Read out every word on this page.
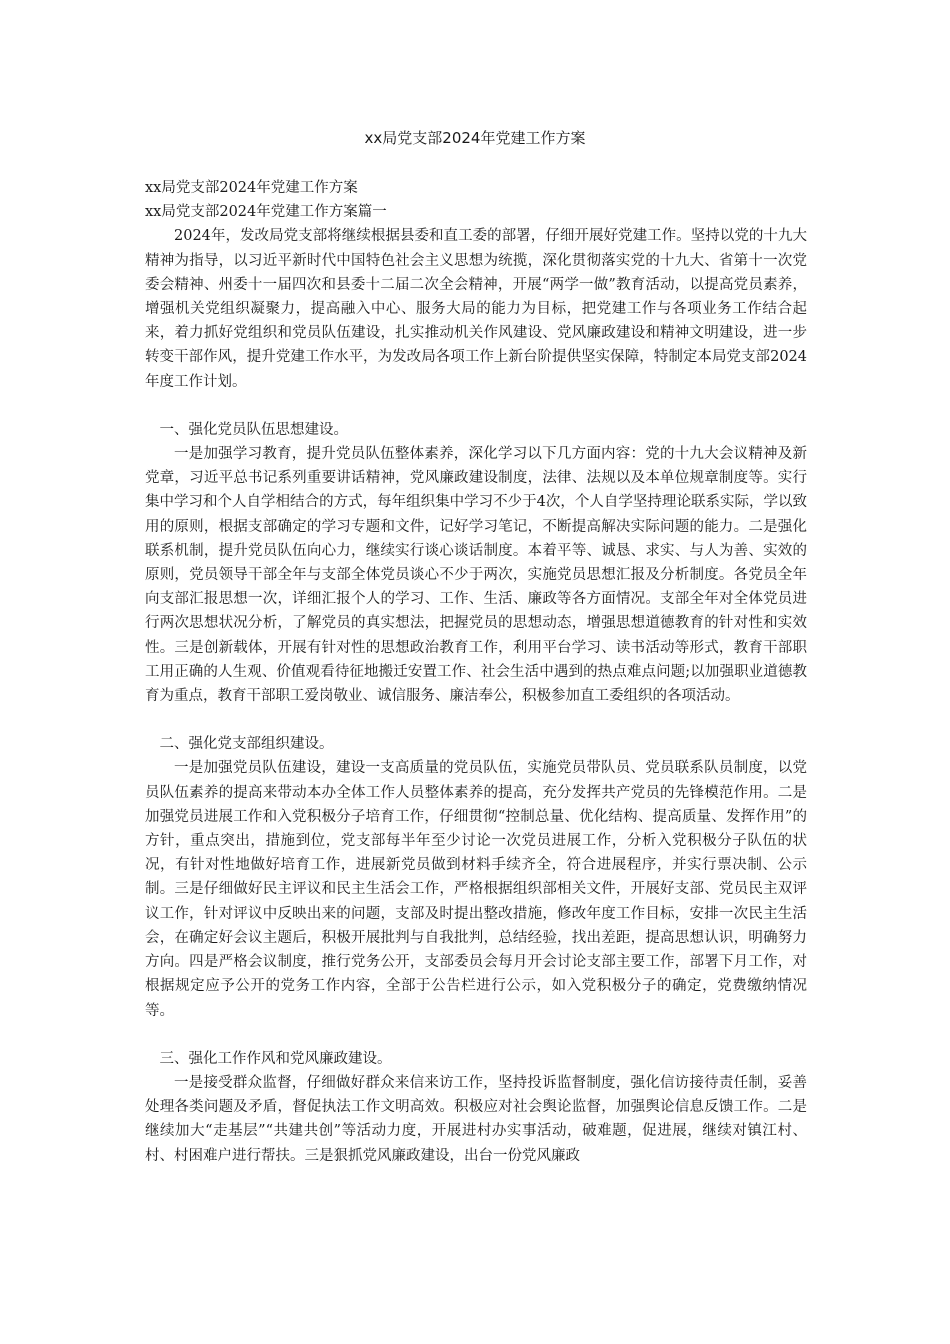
xx局党支部2024年党建工作方案

xx局党支部2024年党建工作方案

xx局党支部2024年党建工作方案篇一

2024年，发改局党支部将继续根据县委和直工委的部署，仔细开展好党建工作。坚持以党的十九大精神为指导，以习近平新时代中国特色社会主义思想为统揽，深化贯彻落实党的十九大、省第十一次党委会精神、州委十一届四次和县委十二届二次全会精神，开展“两学一做”教育活动，以提高党员素养，增强机关党组织凝聚力，提高融入中心、服务大局的能力为目标，把党建工作与各项业务工作结合起来，着力抓好党组织和党员队伍建设，扎实推动机关作风建设、党风廉政建设和精神文明建设，进一步转变干部作风，提升党建工作水平，为发改局各项工作上新台阶提供坚实保障，特制定本局党支部2024年度工作计划。

一、强化党员队伍思想建设。

一是加强学习教育，提升党员队伍整体素养，深化学习以下几方面内容：党的十九大会议精神及新党章，习近平总书记系列重要讲话精神，党风廉政建设制度，法律、法规以及本单位规章制度等。实行集中学习和个人自学相结合的方式，每年组织集中学习不少于4次，个人自学坚持理论联系实际，学以致用的原则，根据支部确定的学习专题和文件，记好学习笔记，不断提高解决实际问题的能力。二是强化联系机制，提升党员队伍向心力，继续实行谈心谈话制度。本着平等、诚恳、求实、与人为善、实效的原则，党员领导干部全年与支部全体党员谈心不少于两次，实施党员思想汇报及分析制度。各党员全年向支部汇报思想一次，详细汇报个人的学习、工作、生活、廉政等各方面情况。支部全年对全体党员进行两次思想状况分析，了解党员的真实想法，把握党员的思想动态，增强思想道德教育的针对性和实效性。三是创新载体，开展有针对性的思想政治教育工作，利用平台学习、读书活动等形式，教育干部职工用正确的人生观、价值观看待征地搬迁安置工作、社会生活中遇到的热点难点问题;以加强职业道德教育为重点，教育干部职工爱岗敬业、诚信服务、廉洁奉公，积极参加直工委组织的各项活动。

二、强化党支部组织建设。

一是加强党员队伍建设，建设一支高质量的党员队伍，实施党员带队员、党员联系队员制度，以党员队伍素养的提高来带动本办全体工作人员整体素养的提高，充分发挥共产党员的先锋模范作用。二是加强党员进展工作和入党积极分子培育工作，仔细贯彻“控制总量、优化结构、提高质量、发挥作用”的方针，重点突出，措施到位，党支部每半年至少讨论一次党员进展工作，分析入党积极分子队伍的状况，有针对性地做好培育工作，进展新党员做到材料手续齐全，符合进展程序，并实行票决制、公示制。三是仔细做好民主评议和民主生活会工作，严格根据组织部相关文件，开展好支部、党员民主双评议工作，针对评议中反映出来的问题，支部及时提出整改措施，修改年度工作目标，安排一次民主生活会，在确定好会议主题后，积极开展批判与自我批判，总结经验，找出差距，提高思想认识，明确努力方向。四是严格会议制度，推行党务公开，支部委员会每月开会讨论支部主要工作，部署下月工作，对根据规定应予公开的党务工作内容，全部于公告栏进行公示，如入党积极分子的确定，党费缴纳情况等。

三、强化工作作风和党风廉政建设。

一是接受群众监督，仔细做好群众来信来访工作，坚持投诉监督制度，强化信访接待责任制，妥善处理各类问题及矛盾，督促执法工作文明高效。积极应对社会舆论监督，加强舆论信息反馈工作。二是继续加大“走基层”“共建共创”等活动力度，开展进村办实事活动，破难题，促进展，继续对镇江村、村、村困难户进行帮扶。三是狠抓党风廉政建设，出台一份党风廉政
